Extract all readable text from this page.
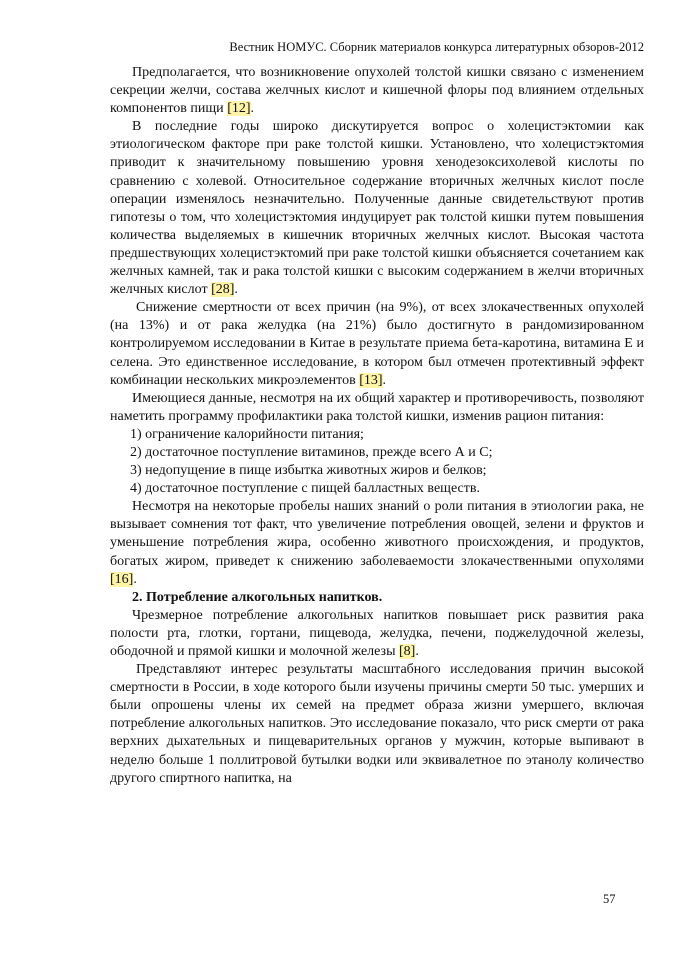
Вестник НОМУС. Сборник материалов конкурса литературных обзоров-2012

Предполагается, что возникновение опухолей толстой кишки связано с изменением секреции желчи, состава желчных кислот и кишечной флоры под влиянием отдельных компонентов пищи [12].

В последние годы широко дискутируется вопрос о холецистэктомии как этиологическом факторе при раке толстой кишки. Установлено, что холецистэктомия приводит к значительному повышению уровня хенодезоксихолевой кислоты по сравнению с холевой. Относительное содержание вторичных желчных кислот после операции изменялось незначительно. Полученные данные свидетельствуют против гипотезы о том, что холецистэктомия индуцирует рак толстой кишки путем повышения количества выделяемых в кишечник вторичных желчных кислот. Высокая частота предшествующих холецистэктомий при раке толстой кишки объясняется сочетанием как желчных камней, так и рака толстой кишки с высоким содержанием в желчи вторичных желчных кислот [28].

Снижение смертности от всех причин (на 9%), от всех злокачественных опухолей (на 13%) и от рака желудка (на 21%) было достигнуто в рандомизированном контролируемом исследовании в Китае в результате приема бета-каротина, витамина Е и селена. Это единственное исследование, в котором был отмечен протективный эффект комбинации нескольких микроэлементов [13].

Имеющиеся данные, несмотря на их общий характер и противоречивость, позволяют наметить программу профилактики рака толстой кишки, изменив рацион питания:

1) ограничение калорийности питания;

2) достаточное поступление витаминов, прежде всего А и С;

3) недопущение в пище избытка животных жиров и белков;

4) достаточное поступление с пищей балластных веществ.

Несмотря на некоторые пробелы наших знаний о роли питания в этиологии рака, не вызывает сомнения тот факт, что увеличение потребления овощей, зелени и фруктов и уменьшение потребления жира, особенно животного происхождения, и продуктов, богатых жиром, приведет к снижению заболеваемости злокачественными опухолями [16].

2. Потребление алкогольных напитков.

Чрезмерное потребление алкогольных напитков повышает риск развития рака полости рта, глотки, гортани, пищевода, желудка, печени, поджелудочной железы, ободочной и прямой кишки и молочной железы [8].

Представляют интерес результаты масштабного исследования причин высокой смертности в России, в ходе которого были изучены причины смерти 50 тыс. умерших и были опрошены члены их семей на предмет образа жизни умершего, включая потребление алкогольных напитков. Это исследование показало, что риск смерти от рака верхних дыхательных и пищеварительных органов у мужчин, которые выпивают в неделю больше 1 поллитровой бутылки водки или эквивалетное по этанолу количество другого спиртного напитка, на

57
